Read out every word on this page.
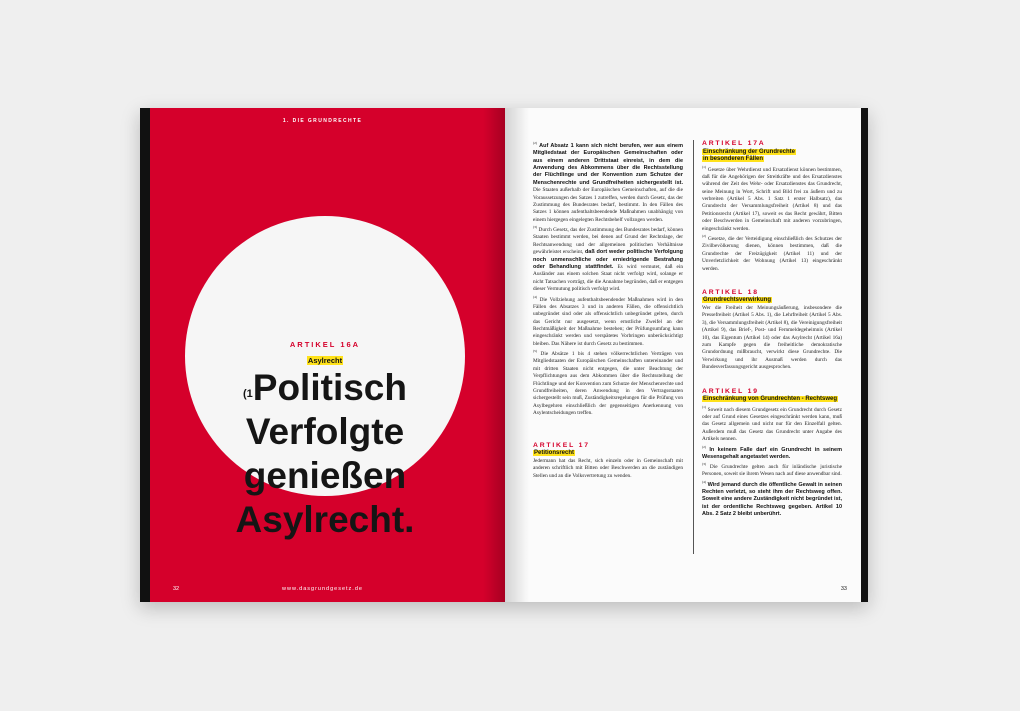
1. DIE GRUNDRECHTE
ARTIKEL 16A
Asylrecht
$^{(1}$Politisch
Verfolgte
genießen
Asylrecht.
32	www.dasgrundgesetz.de

$^{(2)}$ Auf Absatz 1 kann sich nicht berufen, wer aus einem Mitgliedstaat der Europäischen Gemeinschaften oder aus einem anderen Drittstaat einreist, in dem die Anwendung des Abkommens über die Rechtsstellung der Flüchtlinge und der Konvention zum Schutze der Menschenrechte und Grundfreiheiten sichergestellt ist. Die Staaten außerhalb der Europäischen Gemeinschaften, auf die die Voraussetzungen des Satzes 1 zutreffen, werden durch Gesetz, das der Zustimmung des Bundesrates bedarf, bestimmt. In den Fällen des Satzes 1 können aufenthaltsbeendende Maßnahmen unabhängig von einem hiergegen eingelegten Rechtsbehelf vollzogen werden.

$^{(3)}$ Durch Gesetz, das der Zustimmung des Bundesrates bedarf, können Staaten bestimmt werden, bei denen auf Grund der Rechtslage, der Rechtsanwendung und der allgemeinen politischen Verhältnisse gewährleistet erscheint, daß dort weder politische Verfolgung noch unmenschliche oder erniedrigende Bestrafung oder Behandlung stattfindet. Es wird vermutet, daß ein Ausländer aus einem solchen Staat nicht verfolgt wird, solange er nicht Tatsachen vorträgt, die die Annahme begründen, daß er entgegen dieser Vermutung politisch verfolgt wird.

$^{(4)}$ Die Vollziehung aufenthaltsbeendender Maßnahmen wird in den Fällen des Absatzes 3 und in anderen Fällen, die offensichtlich unbegründet sind oder als offensichtlich unbegründet gelten, durch das Gericht nur ausgesetzt, wenn ernstliche Zweifel an der Rechtmäßigkeit der Maßnahme bestehen; der Prüfungsumfang kann eingeschränkt werden und verspätetes Vorbringen unberücksichtigt bleiben. Das Nähere ist durch Gesetz zu bestimmen.

$^{(5)}$ Die Absätze 1 bis 4 stehen völkerrechtlichen Verträgen von Mitgliedstaaten der Europäischen Gemeinschaften untereinander und mit dritten Staaten nicht entgegen, die unter Beachtung der Verpflichtungen aus dem Abkommen über die Rechtsstellung der Flüchtlinge und der Konvention zum Schutze der Menschenrechte und Grundfreiheiten, deren Anwendung in den Vertragsstaaten sichergestellt sein muß, Zuständigkeitsregelungen für die Prüfung von Asylbegehren einschließlich der gegenseitigen Anerkennung von Asylentscheidungen treffen.

ARTIKEL 17
Petitionsrecht

Jedermann hat das Recht, sich einzeln oder in Gemeinschaft mit anderen schriftlich mit Bitten oder Beschwerden an die zuständigen Stellen und an die Volksvertretung zu wenden.

ARTIKEL 17A
Einschränkung der Grundrechte
in besonderen Fällen

$^{(1)}$ Gesetze über Wehrdienst und Ersatzdienst können bestimmen, daß für die Angehörigen der Streitkräfte und des Ersatzdienstes während der Zeit des Wehr- oder Ersatzdienstes das Grundrecht, seine Meinung in Wort, Schrift und Bild frei zu äußern und zu verbreiten (Artikel 5 Abs. 1 Satz 1 erster Halbsatz), das Grundrecht der Versammlungsfreiheit (Artikel 8) und das Petitionsrecht (Artikel 17), soweit es das Recht gewährt, Bitten oder Beschwerden in Gemeinschaft mit anderen vorzubringen, eingeschränkt werden.

$^{(2)}$ Gesetze, die der Verteidigung einschließlich des Schutzes der Zivilbevölkerung dienen, können bestimmen, daß die Grundrechte der Freizügigkeit (Artikel 11) und der Unverletzlichkeit der Wohnung (Artikel 13) eingeschränkt werden.

ARTIKEL 18
Grundrechtsverwirkung

Wer die Freiheit der Meinungsäußerung, insbesondere die Pressefreiheit (Artikel 5 Abs. 1), die Lehrfreiheit (Artikel 5 Abs. 3), die Versammlungsfreiheit (Artikel 8), die Vereinigungsfreiheit (Artikel 9), das Brief-, Post- und Fernmeldegeheimnis (Artikel 10), das Eigentum (Artikel 14) oder das Asylrecht (Artikel 16a) zum Kampfe gegen die freiheitliche demokratische Grundordnung mißbraucht, verwirkt diese Grundrechte. Die Verwirkung und ihr Ausmaß werden durch das Bundesverfassungsgericht ausgesprochen.

ARTIKEL 19
Einschränkung von Grundrechten - Rechtsweg

$^{(1)}$ Soweit nach diesem Grundgesetz ein Grundrecht durch Gesetz oder auf Grund eines Gesetzes eingeschränkt werden kann, muß das Gesetz allgemein und nicht nur für den Einzelfall gelten. Außerdem muß das Gesetz das Grundrecht unter Angabe des Artikels nennen.

$^{(2)}$ In keinem Falle darf ein Grundrecht in seinem Wesensgehalt angetastet werden.

$^{(3)}$ Die Grundrechte gelten auch für inländische juristische Personen, soweit sie ihrem Wesen nach auf diese anwendbar sind.

$^{(4)}$ Wird jemand durch die öffentliche Gewalt in seinen Rechten verletzt, so steht ihm der Rechtsweg offen. Soweit eine andere Zuständigkeit nicht begründet ist, ist der ordentliche Rechtsweg gegeben. Artikel 10 Abs. 2 Satz 2 bleibt unberührt.

33
